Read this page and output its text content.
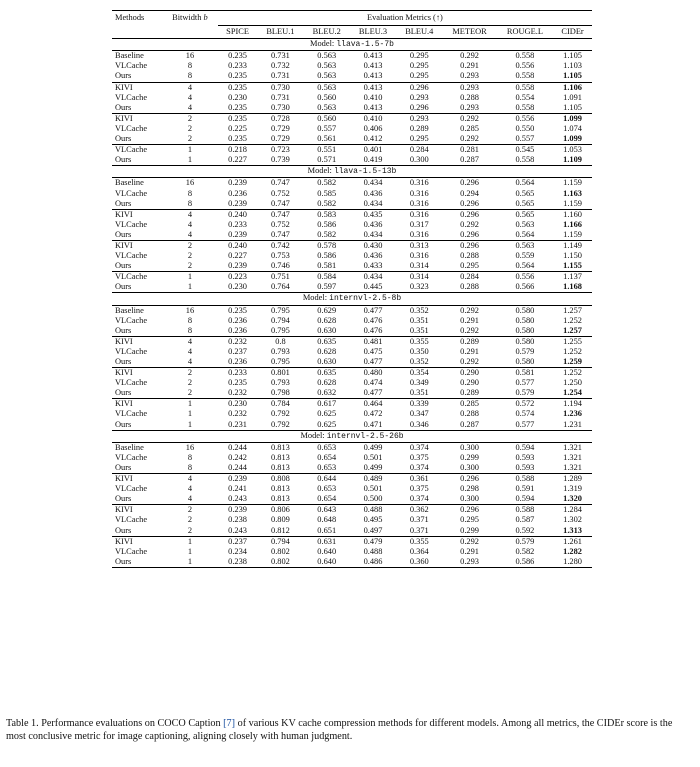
Methods	Bitwidth b	Evaluation Metrics (↑)							
		SPICE	BLEU.1	BLEU.2	BLEU.3	BLEU.4	METEOR	ROUGE.L	CIDEr
Model: llava-1.5-7b									
Baseline	16	0.235	0.731	0.563	0.413	0.295	0.292	0.558	1.105
VLCache	8	0.233	0.732	0.563	0.413	0.295	0.291	0.556	1.103
Ours	8	0.235	0.731	0.563	0.413	0.295	0.293	0.558	1.105
KIVI	4	0.235	0.730	0.563	0.413	0.296	0.293	0.558	1.106
VLCache	4	0.230	0.731	0.560	0.410	0.293	0.288	0.554	1.091
Ours	4	0.235	0.730	0.563	0.413	0.296	0.293	0.558	1.105
KIVI	2	0.235	0.728	0.560	0.410	0.293	0.292	0.556	1.099
VLCache	2	0.225	0.729	0.557	0.406	0.289	0.285	0.550	1.074
Ours	2	0.235	0.729	0.561	0.412	0.295	0.292	0.557	1.099
VLCache	1	0.218	0.723	0.551	0.401	0.284	0.281	0.545	1.053
Ours	1	0.227	0.739	0.571	0.419	0.300	0.287	0.558	1.109
Model: llava-1.5-13b									
Baseline	16	0.239	0.747	0.582	0.434	0.316	0.296	0.564	1.159
VLCache	8	0.236	0.752	0.585	0.436	0.316	0.294	0.565	1.163
Ours	8	0.239	0.747	0.582	0.434	0.316	0.296	0.565	1.159
KIVI	4	0.240	0.747	0.583	0.435	0.316	0.296	0.565	1.160
VLCache	4	0.233	0.752	0.586	0.436	0.317	0.292	0.563	1.166
Ours	4	0.239	0.747	0.582	0.434	0.316	0.296	0.564	1.159
KIVI	2	0.240	0.742	0.578	0.430	0.313	0.296	0.563	1.149
VLCache	2	0.227	0.753	0.586	0.436	0.316	0.288	0.559	1.150
Ours	2	0.239	0.746	0.581	0.433	0.314	0.295	0.564	1.155
VLCache	1	0.223	0.751	0.584	0.434	0.314	0.284	0.556	1.137
Ours	1	0.230	0.764	0.597	0.445	0.323	0.288	0.566	1.168
Model: internvl-2.5-8b									
Baseline	16	0.235	0.795	0.629	0.477	0.352	0.292	0.580	1.257
VLCache	8	0.236	0.794	0.628	0.476	0.351	0.291	0.580	1.252
Ours	8	0.236	0.795	0.630	0.476	0.351	0.292	0.580	1.257
KIVI	4	0.232	0.8	0.635	0.481	0.355	0.289	0.580	1.255
VLCache	4	0.237	0.793	0.628	0.475	0.350	0.291	0.579	1.252
Ours	4	0.236	0.795	0.630	0.477	0.352	0.292	0.580	1.259
KIVI	2	0.233	0.801	0.635	0.480	0.354	0.290	0.581	1.252
VLCache	2	0.235	0.793	0.628	0.474	0.349	0.290	0.577	1.250
Ours	2	0.232	0.798	0.632	0.477	0.351	0.289	0.579	1.254
KIVI	1	0.230	0.784	0.617	0.464	0.339	0.285	0.572	1.194
VLCache	1	0.232	0.792	0.625	0.472	0.347	0.288	0.574	1.236
Ours	1	0.231	0.792	0.625	0.471	0.346	0.287	0.577	1.231
Model: internvl-2.5-26b									
Baseline	16	0.244	0.813	0.653	0.499	0.374	0.300	0.594	1.321
VLCache	8	0.242	0.813	0.654	0.501	0.375	0.299	0.593	1.321
Ours	8	0.244	0.813	0.653	0.499	0.374	0.300	0.593	1.321
KIVI	4	0.239	0.808	0.644	0.489	0.361	0.296	0.588	1.289
VLCache	4	0.241	0.813	0.653	0.501	0.375	0.298	0.591	1.319
Ours	4	0.243	0.813	0.654	0.500	0.374	0.300	0.594	1.320
KIVI	2	0.239	0.806	0.643	0.488	0.362	0.296	0.588	1.284
VLCache	2	0.238	0.809	0.648	0.495	0.371	0.295	0.587	1.302
Ours	2	0.243	0.812	0.651	0.497	0.371	0.299	0.592	1.313
KIVI	1	0.237	0.794	0.631	0.479	0.355	0.292	0.579	1.261
VLCache	1	0.234	0.802	0.640	0.488	0.364	0.291	0.582	1.282
Ours	1	0.238	0.802	0.640	0.486	0.360	0.293	0.586	1.280
Table 1. Performance evaluations on COCO Caption [7] of various KV cache compression methods for different models. Among all metrics, the CIDEr score is the most conclusive metric for image captioning, aligning closely with human judgment.
